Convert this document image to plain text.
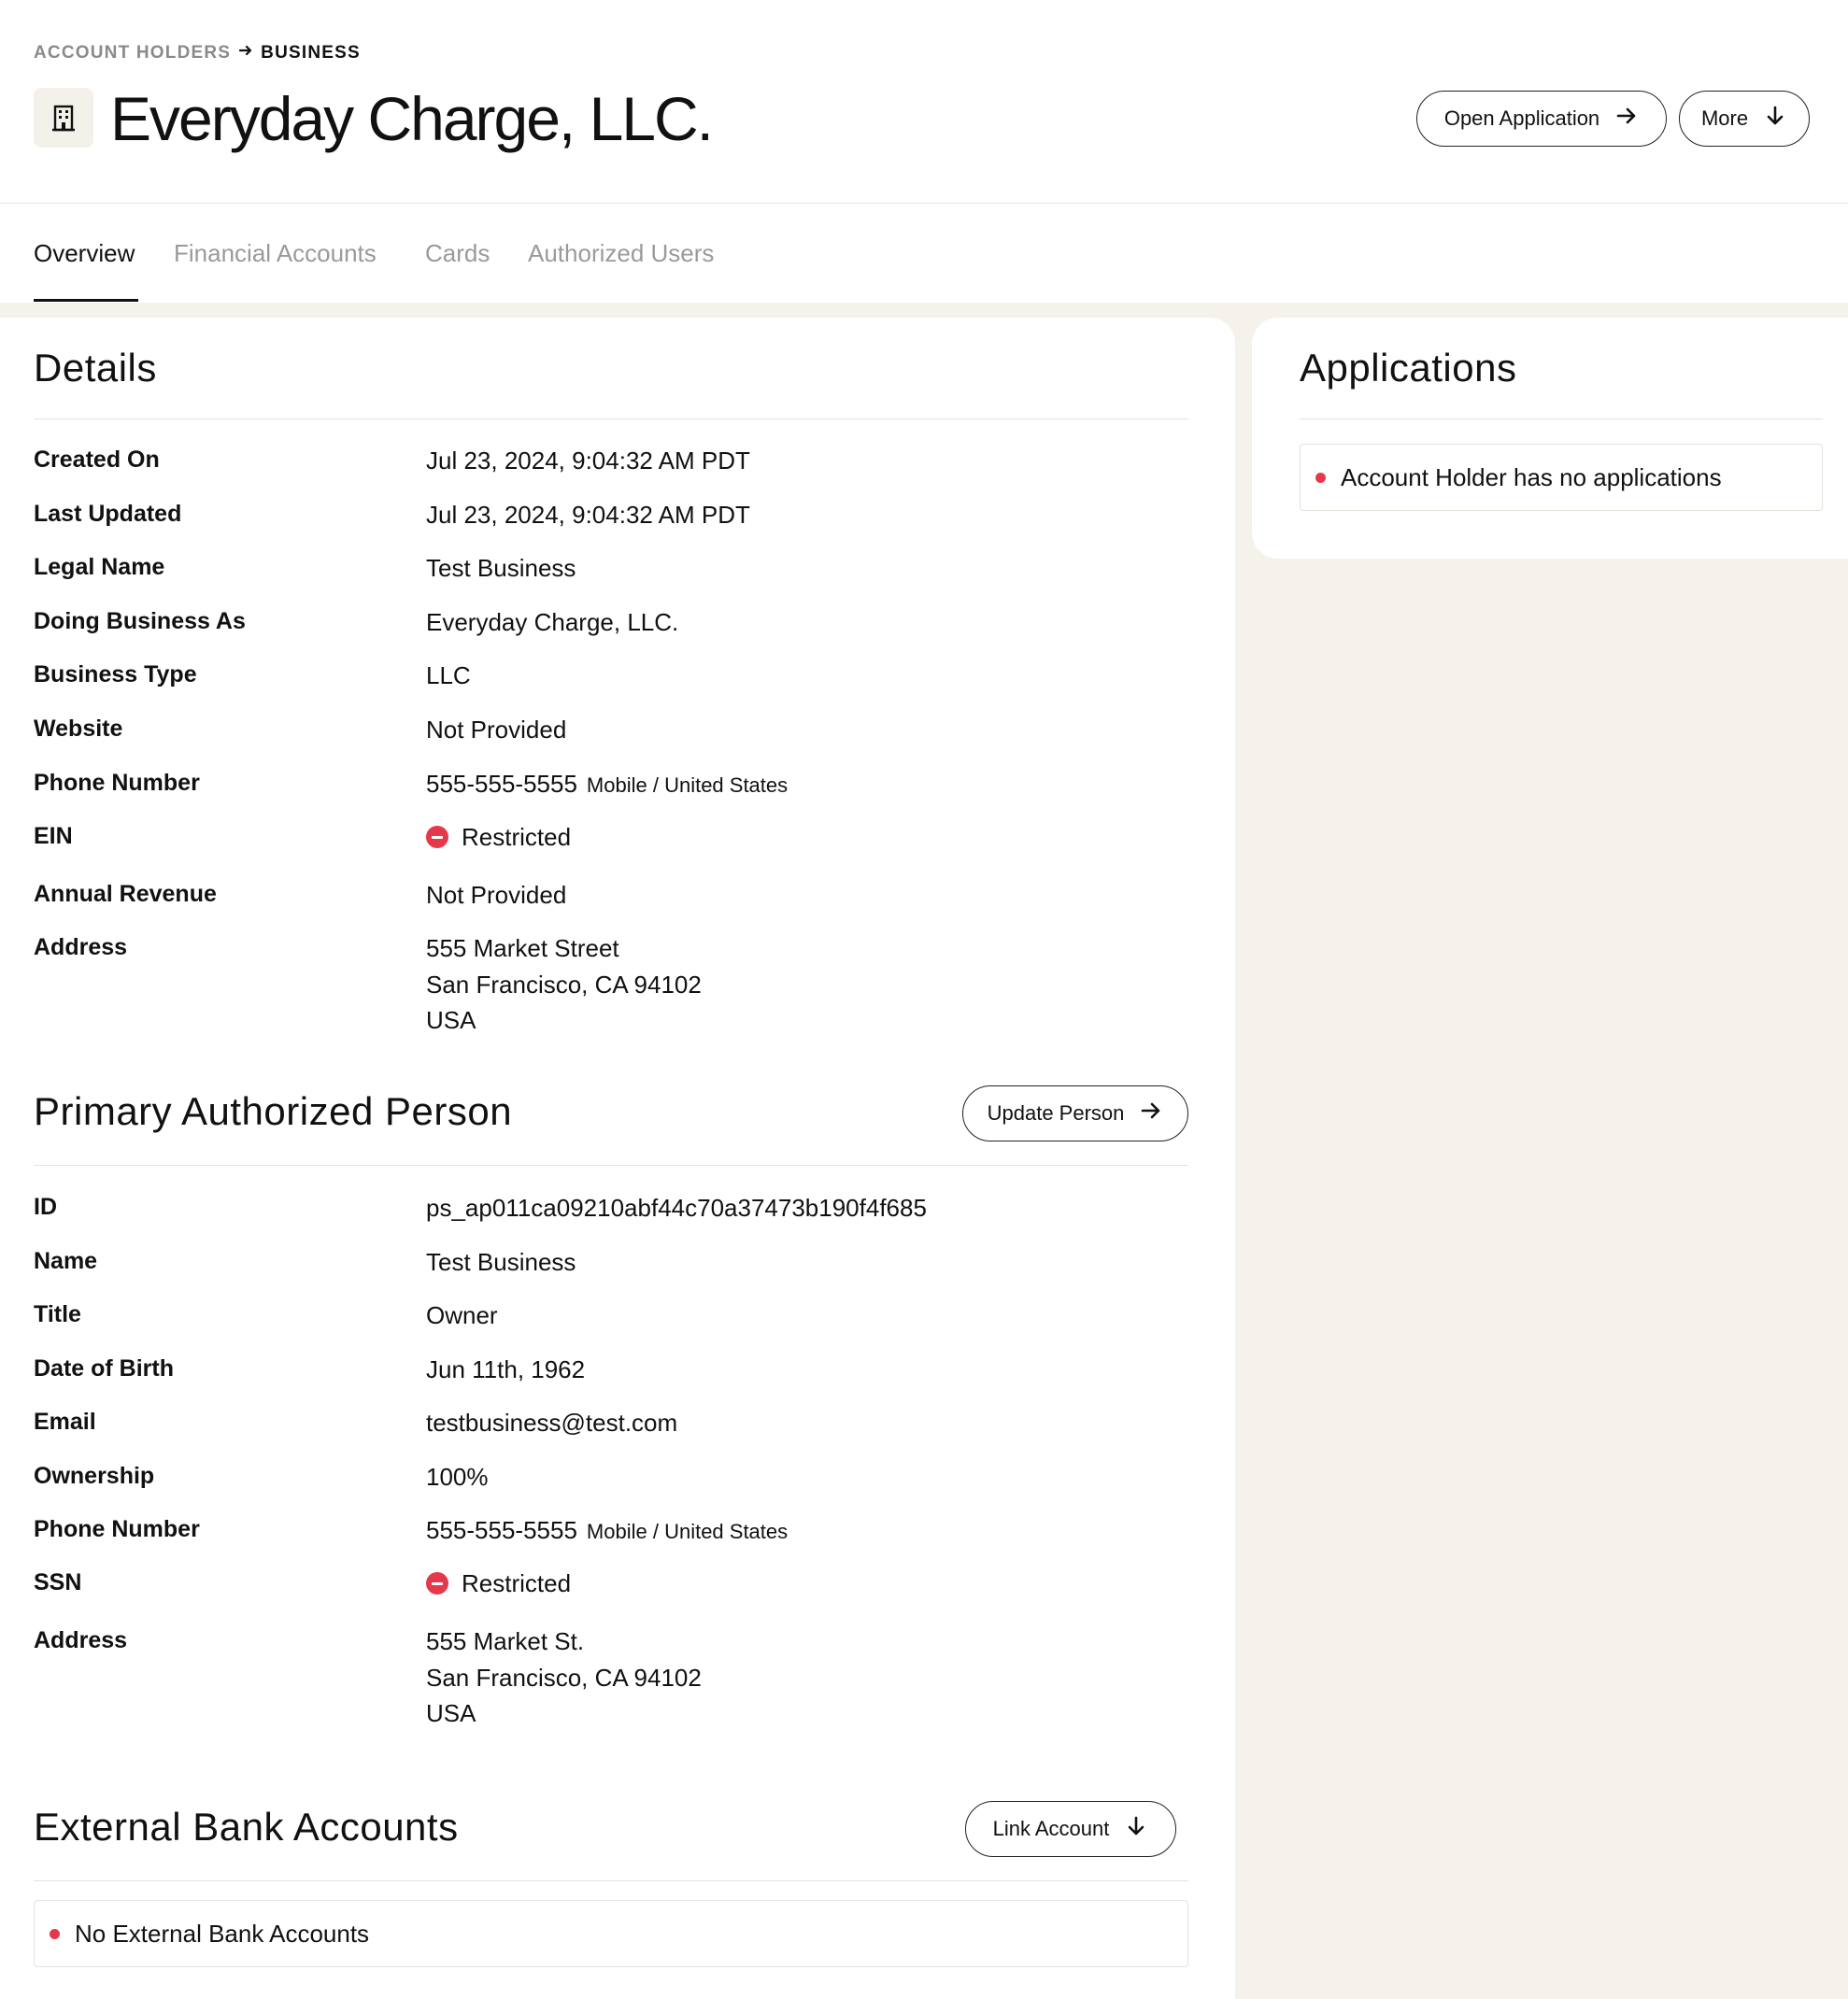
ACCOUNT HOLDERS BUSINESS
Everyday Charge, LLC.	Open Application	More
Overview Financial Accounts Cards Authorized Users
Details
Created On	Jul 23, 2024, 9:04:32 AM PDT
Last Updated	Jul 23, 2024, 9:04:32 AM PDT
Legal Name	Test Business
Doing Business As	Everyday Charge, LLC.
Business Type	LLC
Website	Not Provided
Phone Number	555-555-5555 Mobile / United States
EIN	Restricted
Annual Revenue	Not Provided
Address	555 Market Street
San Francisco, CA 94102
USA
Primary Authorized Person	Update Person
ID	ps_ap011ca09210abf44c70a37473b190f4f685
Name	Test Business
Title	Owner
Date of Birth	Jun 11th, 1962
Email	testbusiness@test.com
Ownership	100%
Phone Number	555-555-5555 Mobile / United States
SSN	Restricted
Address	555 Market St.
San Francisco, CA 94102
USA
External Bank Accounts	Link Account
No External Bank Accounts
Applications
Account Holder has no applications
